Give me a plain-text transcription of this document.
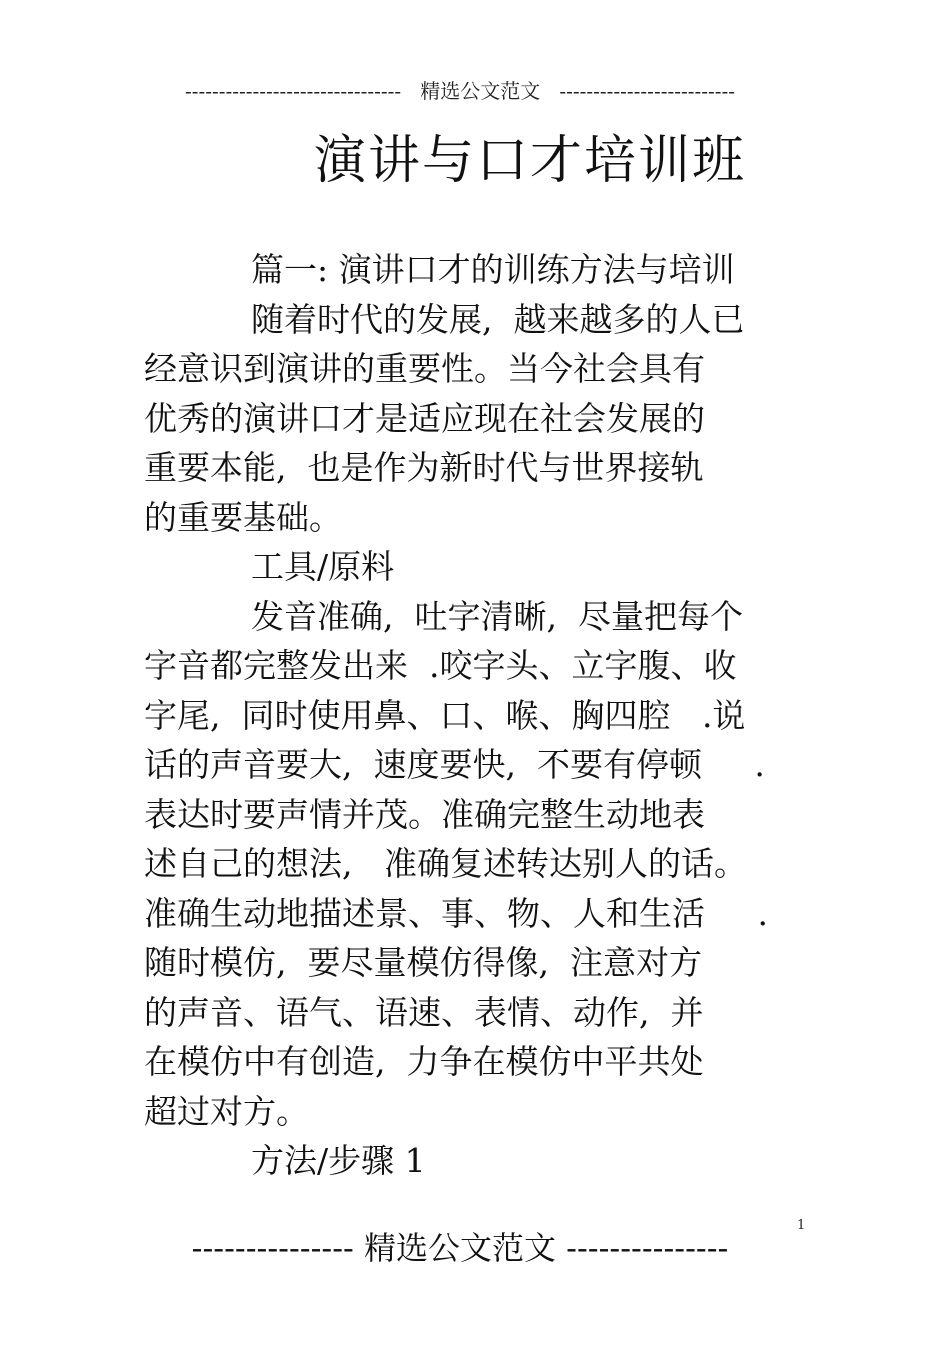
--------------------------------   精选公文范文   --------------------------
演讲与口才培训班
篇一: 演讲口才的训练方法与培训
随着时代的发展,  越来越多的人已
经意识到演讲的重要性。当今社会具有
优秀的演讲口才是适应现在社会发展的
重要本能,  也是作为新时代与世界接轨
的重要基础。
工具/原料
发音准确,  吐字清晰,  尽量把每个
字音都完整发出来  .咬字头、立字腹、收
字尾,  同时使用鼻、口、喉、胸四腔   .说
话的声音要大,  速度要快,  不要有停顿     .
表达时要声情并茂。准确完整生动地表
述自己的想法,   准确复述转达别人的话。
准确生动地描述景、事、物、人和生活     .
随时模仿,  要尽量模仿得像,  注意对方
的声音、语气、语速、表情、动作,  并
在模仿中有创造,  力争在模仿中平共处
超过对方。
方法/步骤 1
1
--------------- 精选公文范文 ---------------
